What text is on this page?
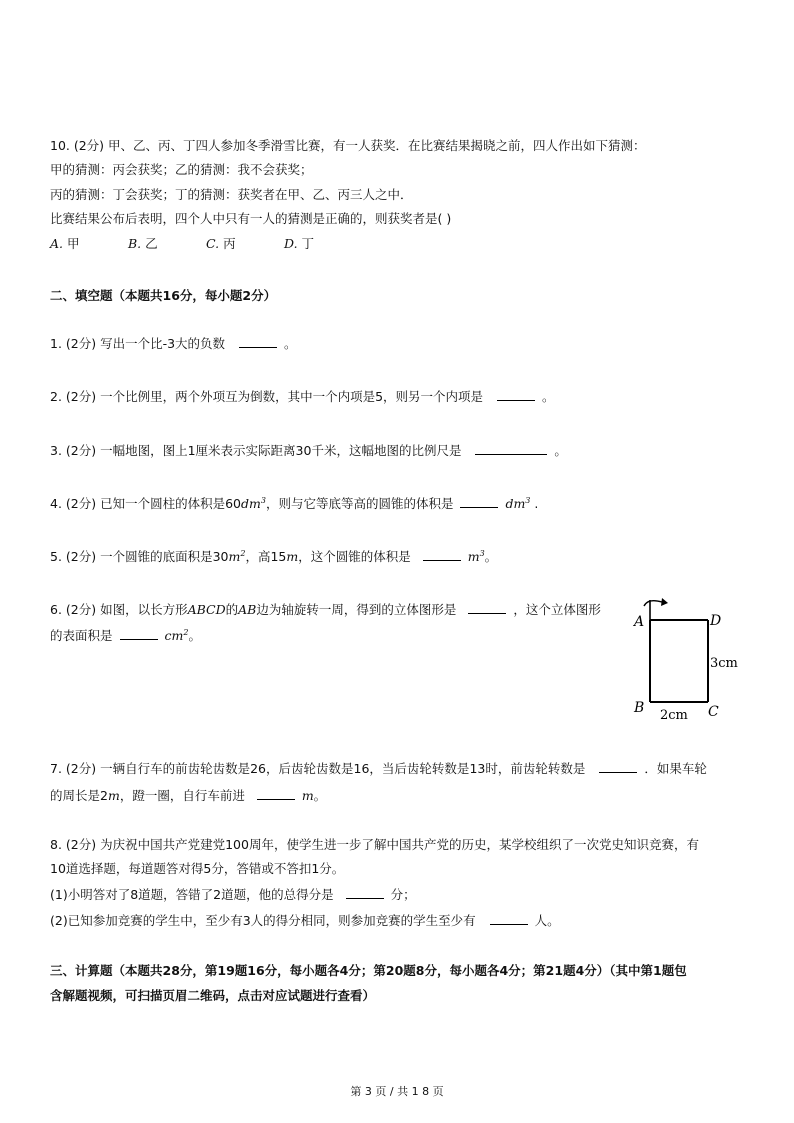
10. (2分) 甲、乙、丙、丁四人参加冬季滑雪比赛，有一人获奖．在比赛结果揭晓之前，四人作出如下猜测：
甲的猜测：丙会获奖；乙的猜测：我不会获奖；
丙的猜测：丁会获奖；丁的猜测：获奖者在甲、乙、丙三人之中．
比赛结果公布后表明，四个人中只有一人的猜测是正确的，则获奖者是( )
A. 甲	B. 乙	C. 丙	D. 丁
二、填空题（本题共16分，每小题2分）
1. (2分) 写出一个比-3大的负数	。
2. (2分) 一个比例里，两个外项互为倒数，其中一个内项是5，则另一个内项是	。
3. (2分) 一幅地图，图上1厘米表示实际距离30千米，这幅地图的比例尺是	。
4. (2分) 已知一个圆柱的体积是$60dm^3$，则与它等底等高的圆锥的体积是	$dm^3$ .
5. (2分) 一个圆锥的底面积是$30m^2$，高15m，这个圆锥的体积是	$m^3$。
6. (2分) 如图，以长方形ABCD的AB边为轴旋转一周，得到的立体图形是	，这个立体图形
的表面积是	$cm^2$。
A	D
B	C
3cm
2cm
7. (2分) 一辆自行车的前齿轮齿数是26，后齿轮齿数是16，当后齿轮转数是13时，前齿轮转数是	．如果车轮
的周长是2m，蹬一圈，自行车前进	m。
8. (2分) 为庆祝中国共产党建党100周年，使学生进一步了解中国共产党的历史，某学校组织了一次党史知识竞赛，有
10道选择题，每道题答对得5分，答错或不答扣1分。
(1)小明答对了8道题，答错了2道题，他的总得分是	分；
(2)已知参加竞赛的学生中，至少有3人的得分相同，则参加竞赛的学生至少有	人。
三、计算题（本题共28分，第19题16分，每小题各4分；第20题8分，每小题各4分；第21题4分）（其中第1题包
含解题视频，可扫描页眉二维码，点击对应试题进行查看）
第 3 页 / 共 1 8 页
